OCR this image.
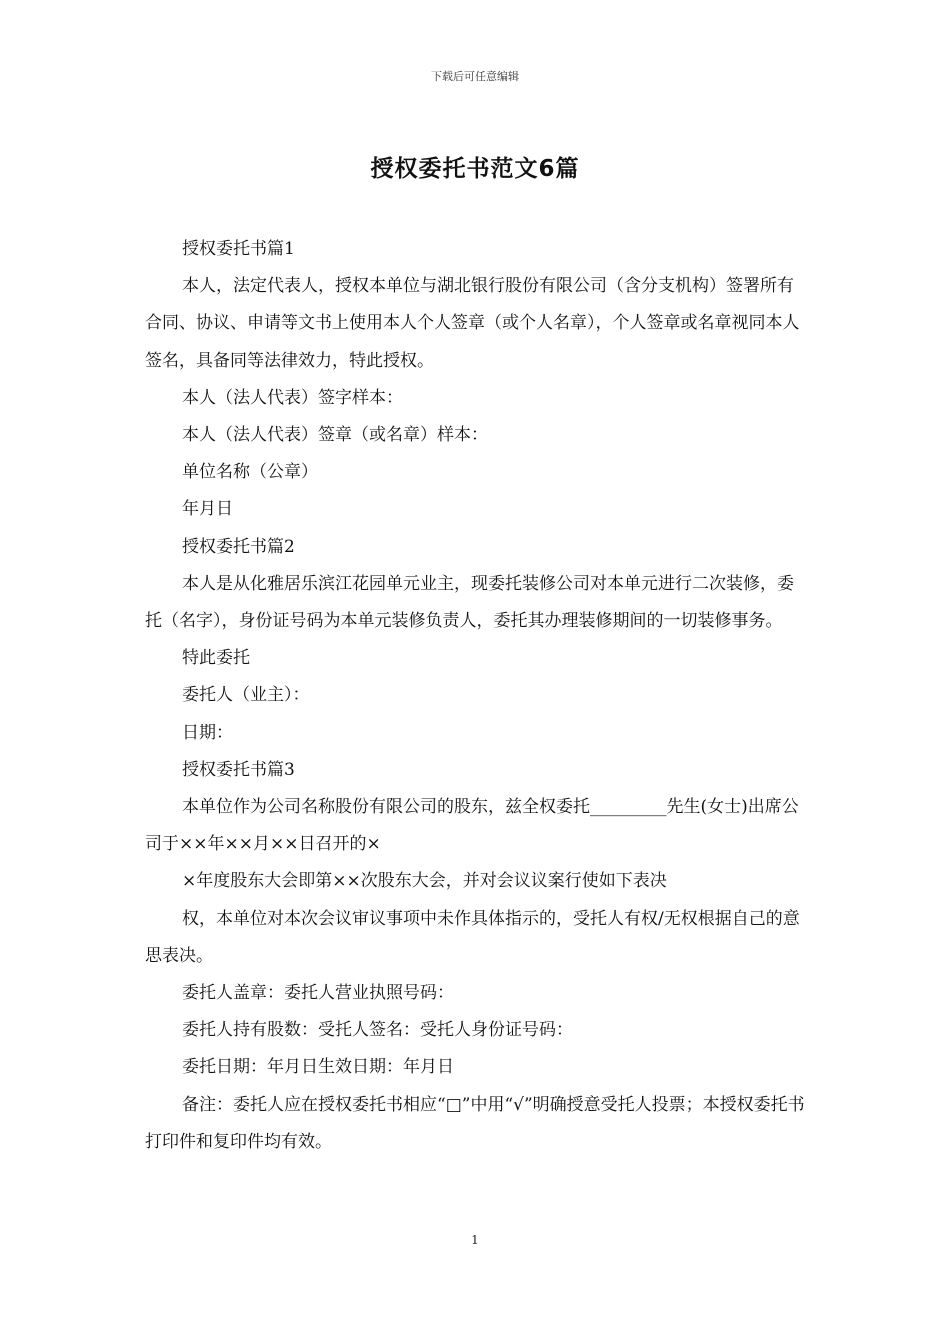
下载后可任意编辑
授权委托书范文6篇

授权委托书篇1

本人，法定代表人，授权本单位与湖北银行股份有限公司（含分支机构）签署所有合同、协议、申请等文书上使用本人个人签章（或个人名章），个人签章或名章视同本人签名，具备同等法律效力，特此授权。

本人（法人代表）签字样本：

本人（法人代表）签章（或名章）样本：

单位名称（公章）

年月日

授权委托书篇2

本人是从化雅居乐滨江花园单元业主，现委托装修公司对本单元进行二次装修，委托（名字），身份证号码为本单元装修负责人，委托其办理装修期间的一切装修事务。

特此委托

委托人（业主）：

日期：

授权委托书篇3

本单位作为公司名称股份有限公司的股东，兹全权委托_________先生(女士)出席公司于××年××月××日召开的×

×年度股东大会即第××次股东大会，并对会议议案行使如下表决

权，本单位对本次会议审议事项中未作具体指示的，受托人有权/无权根据自己的意思表决。

委托人盖章：委托人营业执照号码：

委托人持有股数：受托人签名：受托人身份证号码：

委托日期：年月日生效日期：年月日

备注：委托人应在授权委托书相应“□”中用“√”明确授意受托人投票；本授权委托书打印件和复印件均有效。

1
